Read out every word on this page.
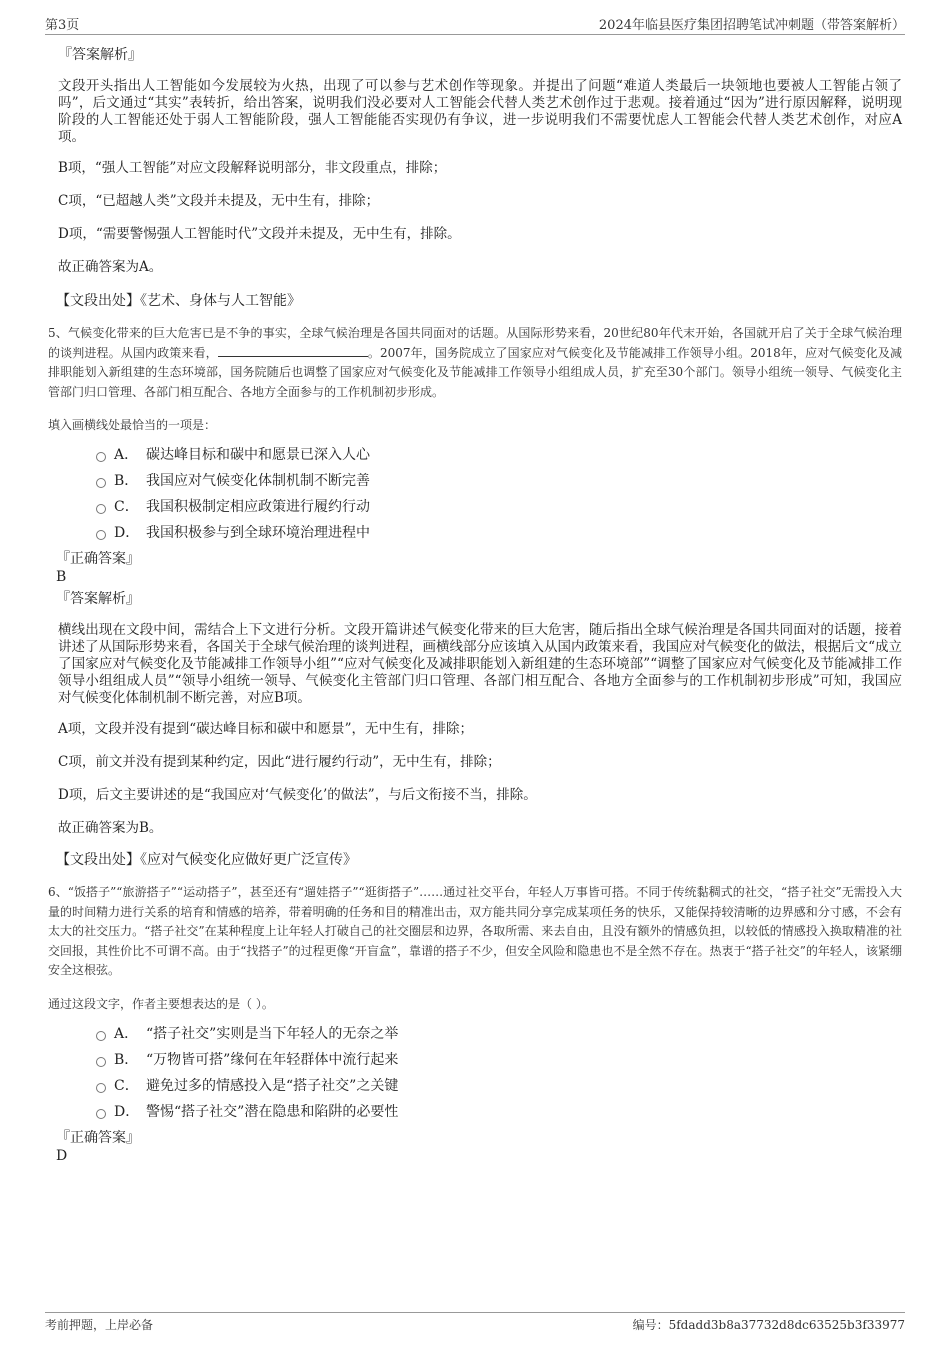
第3页	2024年临县医疗集团招聘笔试冲刺题（带答案解析）

『答案解析』

文段开头指出人工智能如今发展较为火热，出现了可以参与艺术创作等现象。并提出了问题“难道人类最后一块领地也要被人工智能占领了吗”，后文通过“其实”表转折，给出答案，说明我们没必要对人工智能会代替人类艺术创作过于悲观。接着通过“因为”进行原因解释，说明现阶段的人工智能还处于弱人工智能阶段，强人工智能能否实现仍有争议，进一步说明我们不需要忧虑人工智能会代替人类艺术创作，对应A项。

B项，“强人工智能”对应文段解释说明部分，非文段重点，排除；

C项，“已超越人类”文段并未提及，无中生有，排除；

D项，“需要警惕强人工智能时代”文段并未提及，无中生有，排除。

故正确答案为A。

【文段出处】《艺术、身体与人工智能》

5、气候变化带来的巨大危害已是不争的事实，全球气候治理是各国共同面对的话题。从国际形势来看，20世纪80年代末开始，各国就开启了关于全球气候治理的谈判进程。从国内政策来看，	。2007年，国务院成立了国家应对气候变化及节能减排工作领导小组。2018年，应对气候变化及减排职能划入新组建的生态环境部，国务院随后也调整了国家应对气候变化及节能减排工作领导小组组成人员，扩充至30个部门。领导小组统一领导、气候变化主管部门归口管理、各部门相互配合、各地方全面参与的工作机制初步形成。

填入画横线处最恰当的一项是：

A． 碳达峰目标和碳中和愿景已深入人心
B． 我国应对气候变化体制机制不断完善
C． 我国积极制定相应政策进行履约行动
D． 我国积极参与到全球环境治理进程中

『正确答案』

B

『答案解析』

横线出现在文段中间，需结合上下文进行分析。文段开篇讲述气候变化带来的巨大危害，随后指出全球气候治理是各国共同面对的话题，接着讲述了从国际形势来看，各国关于全球气候治理的谈判进程，画横线部分应该填入从国内政策来看，我国应对气候变化的做法，根据后文“成立了国家应对气候变化及节能减排工作领导小组”“应对气候变化及减排职能划入新组建的生态环境部”“调整了国家应对气候变化及节能减排工作领导小组组成人员”“领导小组统一领导、气候变化主管部门归口管理、各部门相互配合、各地方全面参与的工作机制初步形成”可知，我国应对气候变化体制机制不断完善，对应B项。

A项，文段并没有提到“碳达峰目标和碳中和愿景”，无中生有，排除；

C项，前文并没有提到某种约定，因此“进行履约行动”，无中生有，排除；

D项，后文主要讲述的是“我国应对‘气候变化’的做法”，与后文衔接不当，排除。

故正确答案为B。

【文段出处】《应对气候变化应做好更广泛宣传》

6、“饭搭子”“旅游搭子”“运动搭子”，甚至还有“遛娃搭子”“逛街搭子”……通过社交平台，年轻人万事皆可搭。不同于传统黏稠式的社交，“搭子社交”无需投入大量的时间精力进行关系的培育和情感的培养，带着明确的任务和目的精准出击，双方能共同分享完成某项任务的快乐，又能保持较清晰的边界感和分寸感，不会有太大的社交压力。“搭子社交”在某种程度上让年轻人打破自己的社交圈层和边界，各取所需、来去自由，且没有额外的情感负担，以较低的情感投入换取精准的社交回报，其性价比不可谓不高。由于“找搭子”的过程更像“开盲盒”，靠谱的搭子不少，但安全风险和隐患也不是全然不存在。热衷于“搭子社交”的年轻人，该紧绷安全这根弦。

通过这段文字，作者主要想表达的是（ ）。

A． “搭子社交”实则是当下年轻人的无奈之举
B． “万物皆可搭”缘何在年轻群体中流行起来
C． 避免过多的情感投入是“搭子社交”之关键
D． 警惕“搭子社交”潜在隐患和陷阱的必要性

『正确答案』

D

考前押题，上岸必备	编号：5fdadd3b8a37732d8dc63525b3f33977
